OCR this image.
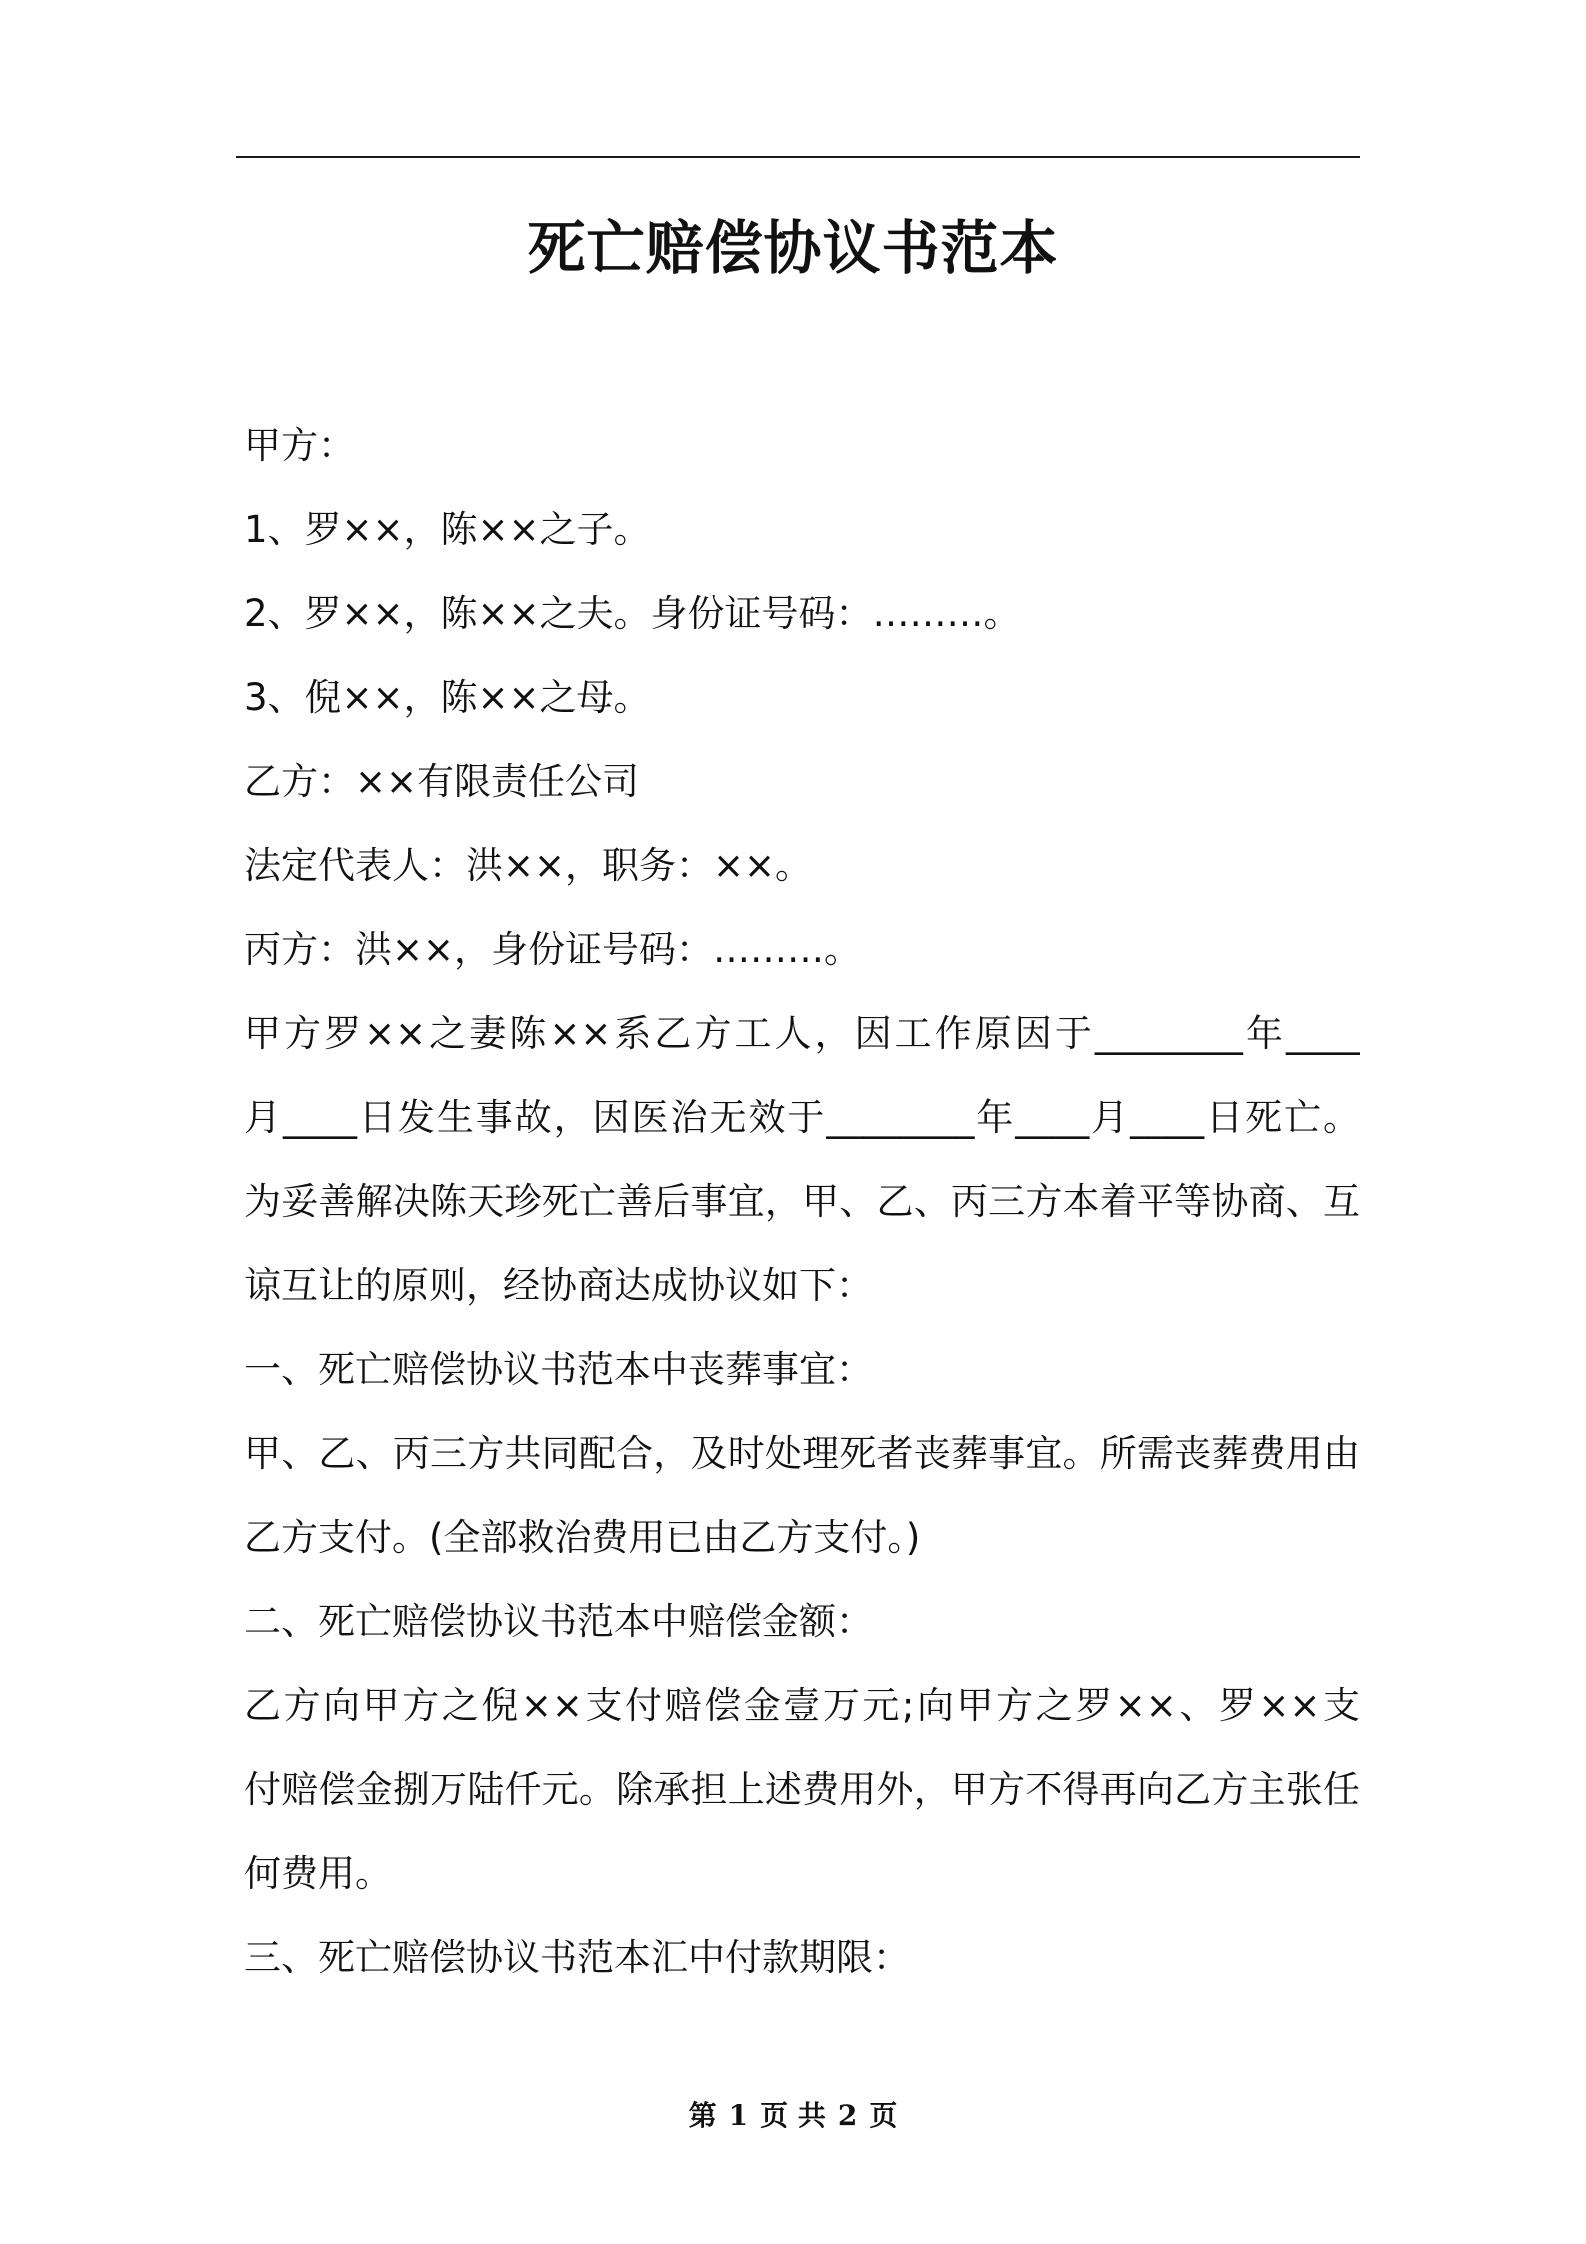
死亡赔偿协议书范本
甲方：
1、罗××，陈××之子。
2、罗××，陈××之夫。身份证号码：………。
3、倪××，陈××之母。
乙方：××有限责任公司
法定代表人：洪××，职务：××。
丙方：洪××，身份证号码：………。
甲方罗××之妻陈××系乙方工人，因工作原因于________年____
月____日发生事故，因医治无效于________年____月____日死亡。
为妥善解决陈天珍死亡善后事宜，甲、乙、丙三方本着平等协商、互
谅互让的原则，经协商达成协议如下：
一、死亡赔偿协议书范本中丧葬事宜：
甲、乙、丙三方共同配合，及时处理死者丧葬事宜。所需丧葬费用由
乙方支付。(全部救治费用已由乙方支付。)
二、死亡赔偿协议书范本中赔偿金额：
乙方向甲方之倪××支付赔偿金壹万元;向甲方之罗××、罗××支
付赔偿金捌万陆仟元。除承担上述费用外，甲方不得再向乙方主张任
何费用。
三、死亡赔偿协议书范本汇中付款期限：
第 1 页 共 2 页
